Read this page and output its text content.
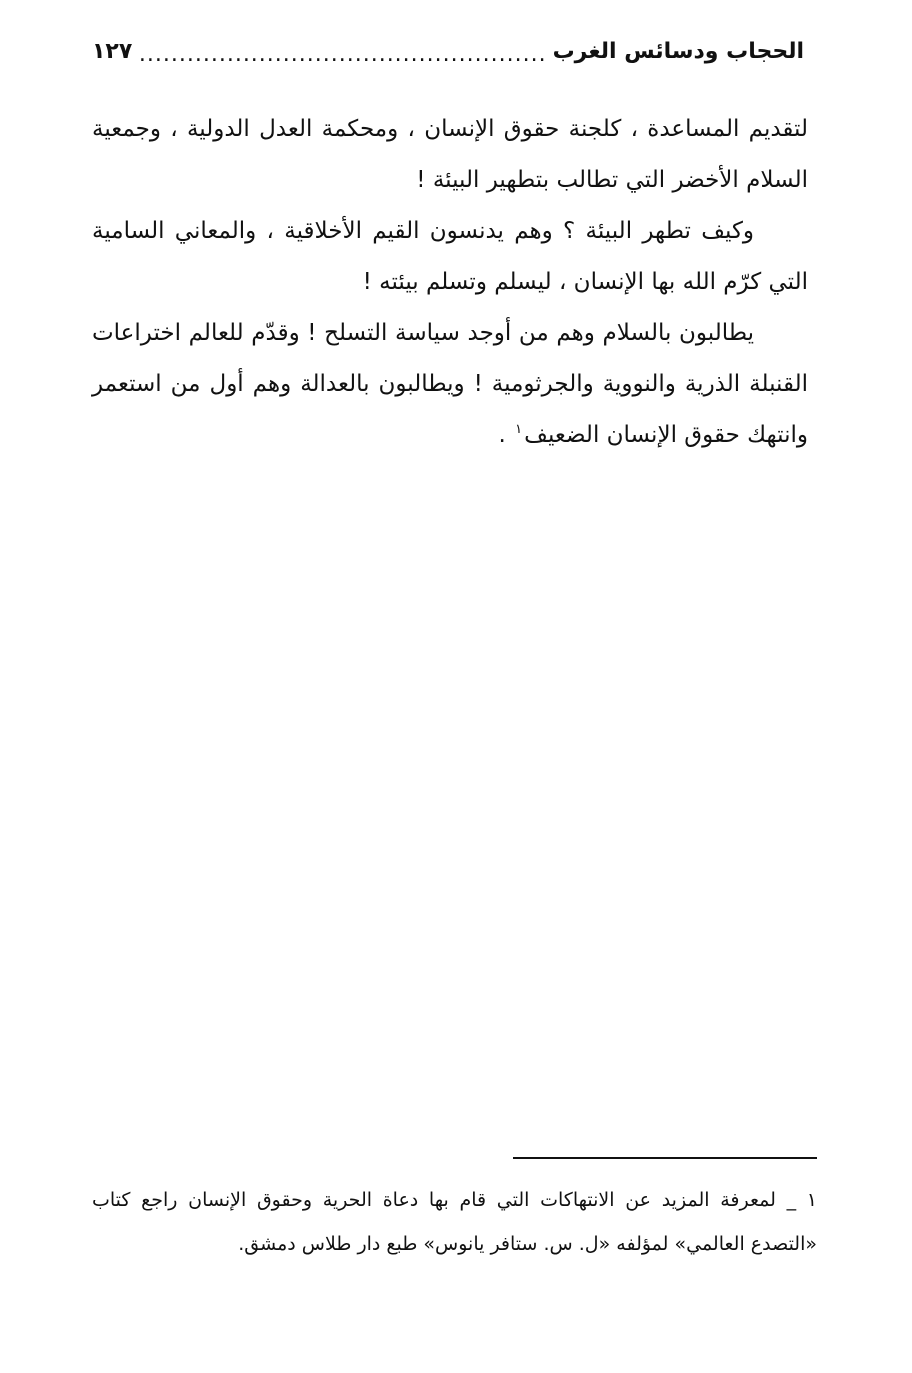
الحجاب ودسائس الغرب
.....
١٢٧

لتقديم المساعدة ، كلجنة حقوق الإنسان ، ومحكمة العدل الدولية ، وجمعية السلام الأخضر التي تطالب بتطهير البيئة !

وكيف تطهر البيئة ؟ وهم يدنسون القيم الأخلاقية ، والمعاني السامية التي كرّم الله بها الإنسان ، ليسلم وتسلم بيئته !

يطالبون بالسلام وهم من أوجد سياسة التسلح ! وقدّم للعالم اختراعات القنبلة الذرية والنووية والجرثومية ! ويطالبون بالعدالة وهم أول من استعمر وانتهك حقوق الإنسان الضعيف$^١$ .

١ _ لمعرفة المزيد عن الانتهاكات التي قام بها دعاة الحرية وحقوق الإنسان راجع كتاب «التصدع العالمي» لمؤلفه «ل. س. ستافر يانوس» طبع دار طلاس دمشق.
